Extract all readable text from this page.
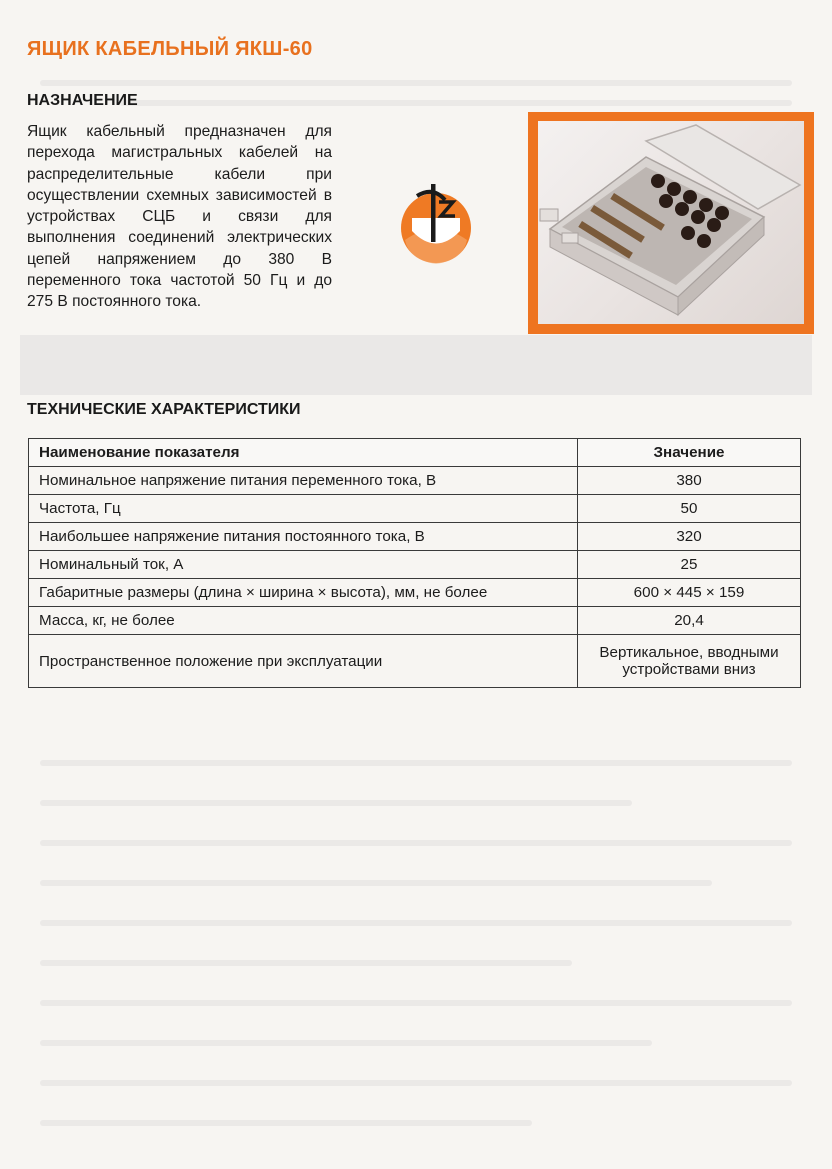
ЯЩИК КАБЕЛЬНЫЙ ЯКШ-60
НАЗНАЧЕНИЕ
Ящик кабельный предназначен для перехода магистральных кабелей на распределительные кабели при осуществлении схемных зависимостей в устройствах СЦБ и связи для выполнения соединений электрических цепей напряжением до 380 В переменного тока частотой 50 Гц и до 275 В постоянного тока.
ТЕХНИЧЕСКИЕ ХАРАКТЕРИСТИКИ
Наименование показателя	Значение
Номинальное напряжение питания переменного тока, В	380
Частота, Гц	50
Наибольшее напряжение питания постоянного тока, В	320
Номинальный ток, А	25
Габаритные размеры (длина × ширина × высота), мм, не более	600 × 445 × 159
Масса, кг, не более	20,4
Пространственное положение при эксплуатации	Вертикальное, вводными устройствами вниз
